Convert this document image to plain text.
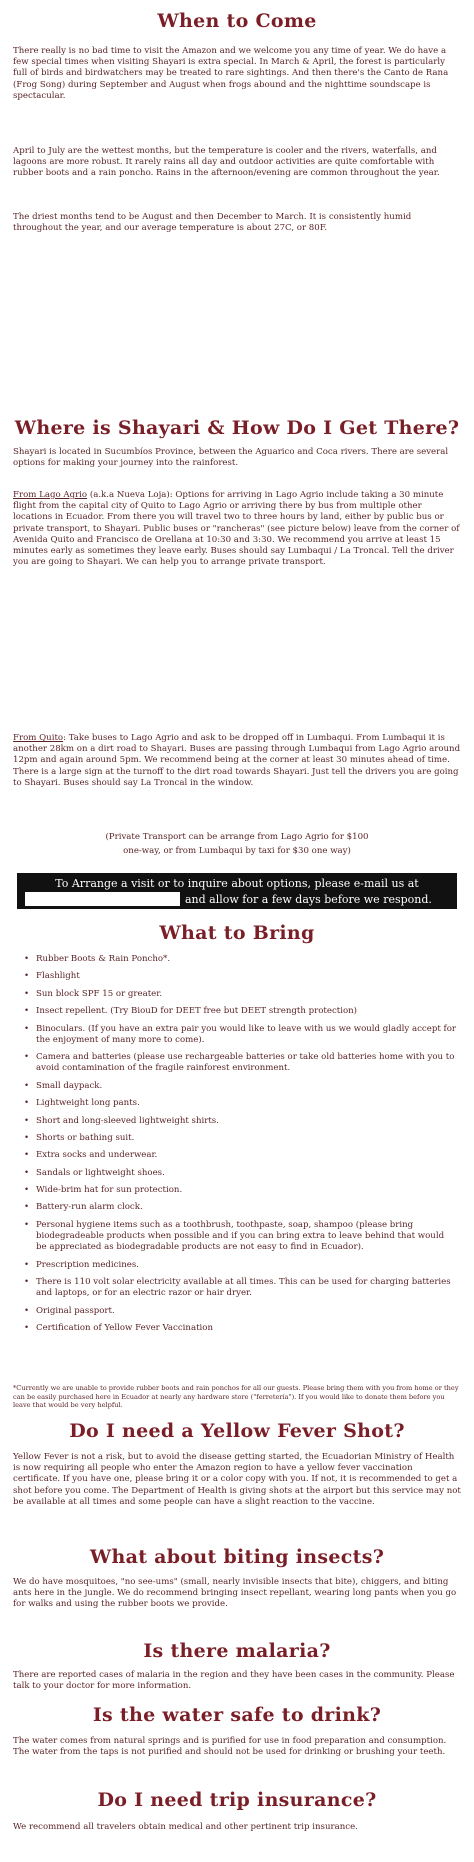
When to Come
There really is no bad time to visit the Amazon and we welcome you any time of year. We do have a few special times when visiting Shayari is extra special. In March & April, the forest is particularly full of birds and birdwatchers may be treated to rare sightings. And then there's the Canto de Rana (Frog Song) during September and August when frogs abound and the nighttime soundscape is spectacular.
April to July are the wettest months, but the temperature is cooler and the rivers, waterfalls, and lagoons are more robust. It rarely rains all day and outdoor activities are quite comfortable with rubber boots and a rain poncho. Rains in the afternoon/evening are common throughout the year.
The driest months tend to be August and then December to March. It is consistently humid throughout the year, and our average temperature is about 27C, or 80F.
Where is Shayari & How Do I Get There?
Shayari is located in Sucumbíos Province, between the Aguarico and Coca rivers. There are several options for making your journey into the rainforest.
From Lago Agrio (a.k.a Nueva Loja): Options for arriving in Lago Agrio include taking a 30 minute flight from the capital city of Quito to Lago Agrio or arriving there by bus from multiple other locations in Ecuador. From there you will travel two to three hours by land, either by public bus or private transport, to Shayari. Public buses or "rancheras" (see picture below) leave from the corner of Avenida Quito and Francisco de Orellana at 10:30 and 3:30. We recommend you arrive at least 15 minutes early as sometimes they leave early. Buses should say Lumbaqui / La Troncal. Tell the driver you are going to Shayari. We can help you to arrange private transport.
From Quito: Take buses to Lago Agrio and ask to be dropped off in Lumbaqui. From Lumbaqui it is another 28km on a dirt road to Shayari. Buses are passing through Lumbaqui from Lago Agrio around 12pm and again around 5pm. We recommend being at the corner at least 30 minutes ahead of time. There is a large sign at the turnoff to the dirt road towards Shayari. Just tell the drivers you are going to Shayari. Buses should say La Troncal in the window.
(Private Transport can be arrange from Lago Agrio for $100
one-way, or from Lumbaqui by taxi for $30 one way)
To Arrange a visit or to inquire about options, please e-mail us at
and allow for a few days before we respond.
What to Bring
• Rubber Boots & Rain Poncho*.
• Flashlight
• Sun block SPF 15 or greater.
• Insect repellent. (Try BiouD for DEET free but DEET strength protection)
• Binoculars. (If you have an extra pair you would like to leave with us we would gladly accept for the enjoyment of many more to come).
• Camera and batteries (please use rechargeable batteries or take old batteries home with you to avoid contamination of the fragile rainforest environment.
• Small daypack.
• Lightweight long pants.
• Short and long-sleeved lightweight shirts.
• Shorts or bathing suit.
• Extra socks and underwear.
• Sandals or lightweight shoes.
• Wide-brim hat for sun protection.
• Battery-run alarm clock.
• Personal hygiene items such as a toothbrush, toothpaste, soap, shampoo (please bring biodegradeable products when possible and if you can bring extra to leave behind that would be appreciated as biodegradable products are not easy to find in Ecuador).
• Prescription medicines.
• There is 110 volt solar electricity available at all times. This can be used for charging batteries and laptops, or for an electric razor or hair dryer.
• Original passport.
• Certification of Yellow Fever Vaccination
*Currently we are unable to provide rubber boots and rain ponchos for all our guests. Please bring them with you from home or they can be easily purchased here in Ecuador at nearly any hardware store ("ferretería"). If you would like to donate them before you leave that would be very helpful.
Do I need a Yellow Fever Shot?
Yellow Fever is not a risk, but to avoid the disease getting started, the Ecuadorian Ministry of Health is now requiring all people who enter the Amazon region to have a yellow fever vaccination certificate. If you have one, please bring it or a color copy with you. If not, it is recommended to get a shot before you come. The Department of Health is giving shots at the airport but this service may not be available at all times and some people can have a slight reaction to the vaccine.
What about biting insects?
We do have mosquitoes, "no see-ums" (small, nearly invisible insects that bite), chiggers, and biting ants here in the jungle. We do recommend bringing insect repellant, wearing long pants when you go for walks and using the rubber boots we provide.
Is there malaria?
There are reported cases of malaria in the region and they have been cases in the community. Please talk to your doctor for more information.
Is the water safe to drink?
The water comes from natural springs and is purified for use in food preparation and consumption. The water from the taps is not purified and should not be used for drinking or brushing your teeth.
Do I need trip insurance?
We recommend all travelers obtain medical and other pertinent trip insurance.
